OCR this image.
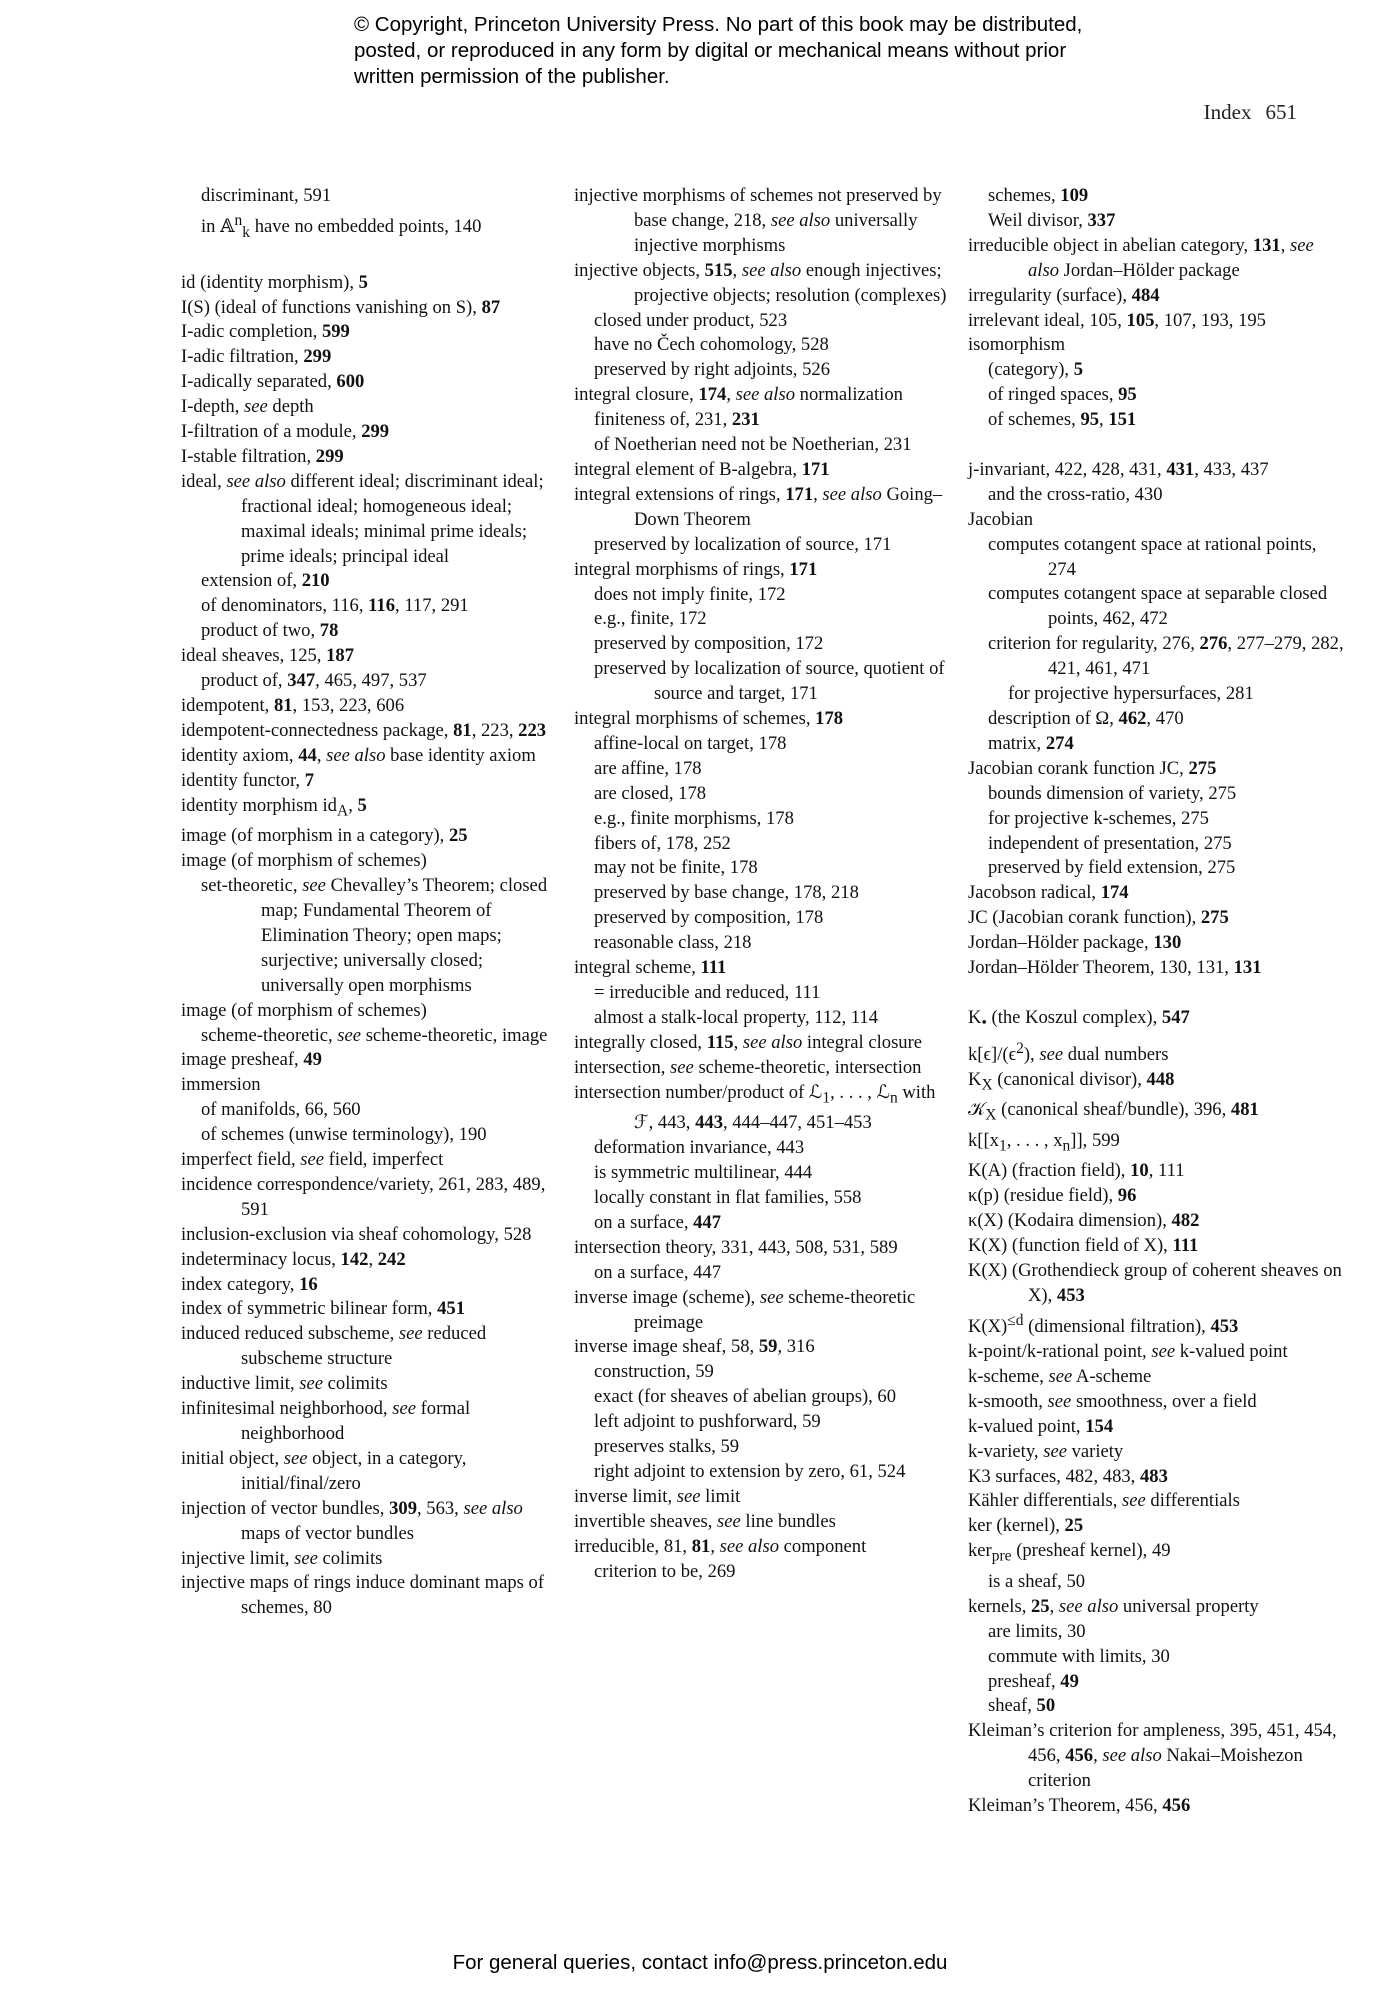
© Copyright, Princeton University Press. No part of this book may be distributed, posted, or reproduced in any form by digital or mechanical means without prior written permission of the publisher.
Index 651
discriminant, 591
in 𝔸$^n_k$ have no embedded points, 140
id (identity morphism), 5
I(S) (ideal of functions vanishing on S), 87
I-adic completion, 599
I-adic filtration, 299
I-adically separated, 600
I-depth, see depth
I-filtration of a module, 299
I-stable filtration, 299
ideal, see also different ideal; discriminant ideal; fractional ideal; homogeneous ideal; maximal ideals; minimal prime ideals; prime ideals; principal ideal
extension of, 210
of denominators, 116, 116, 117, 291
product of two, 78
ideal sheaves, 125, 187
product of, 347, 465, 497, 537
idempotent, 81, 153, 223, 606
idempotent-connectedness package, 81, 223, 223
identity axiom, 44, see also base identity axiom
identity functor, 7
identity morphism $id_A$, 5
image (of morphism in a category), 25
image (of morphism of schemes)
set-theoretic, see Chevalley’s Theorem; closed map; Fundamental Theorem of Elimination Theory; open maps; surjective; universally closed; universally open morphisms
image (of morphism of schemes)
scheme-theoretic, see scheme-theoretic, image
image presheaf, 49
immersion
of manifolds, 66, 560
of schemes (unwise terminology), 190
imperfect field, see field, imperfect
incidence correspondence/variety, 261, 283, 489, 591
inclusion-exclusion via sheaf cohomology, 528
indeterminacy locus, 142, 242
index category, 16
index of symmetric bilinear form, 451
induced reduced subscheme, see reduced subscheme structure
inductive limit, see colimits
infinitesimal neighborhood, see formal neighborhood
initial object, see object, in a category, initial/final/zero
injection of vector bundles, 309, 563, see also maps of vector bundles
injective limit, see colimits
injective maps of rings induce dominant maps of schemes, 80
injective morphisms of schemes not preserved by base change, 218, see also universally injective morphisms
injective objects, 515, see also enough injectives; projective objects; resolution (complexes)
closed under product, 523
have no Čech cohomology, 528
preserved by right adjoints, 526
integral closure, 174, see also normalization
finiteness of, 231, 231
of Noetherian need not be Noetherian, 231
integral element of B-algebra, 171
integral extensions of rings, 171, see also Going–Down Theorem
preserved by localization of source, 171
integral morphisms of rings, 171
does not imply finite, 172
e.g., finite, 172
preserved by composition, 172
preserved by localization of source, quotient of source and target, 171
integral morphisms of schemes, 178
affine-local on target, 178
are affine, 178
are closed, 178
e.g., finite morphisms, 178
fibers of, 178, 252
may not be finite, 178
preserved by base change, 178, 218
preserved by composition, 178
reasonable class, 218
integral scheme, 111
= irreducible and reduced, 111
almost a stalk-local property, 112, 114
integrally closed, 115, see also integral closure
intersection, see scheme-theoretic, intersection
intersection number/product of ℒ$_1$, . . . , ℒ$_n$ with ℱ, 443, 443, 444–447, 451–453
deformation invariance, 443
is symmetric multilinear, 444
locally constant in flat families, 558
on a surface, 447
intersection theory, 331, 443, 508, 531, 589
on a surface, 447
inverse image (scheme), see scheme-theoretic preimage
inverse image sheaf, 58, 59, 316
construction, 59
exact (for sheaves of abelian groups), 60
left adjoint to pushforward, 59
preserves stalks, 59
right adjoint to extension by zero, 61, 524
inverse limit, see limit
invertible sheaves, see line bundles
irreducible, 81, 81, see also component
criterion to be, 269
schemes, 109
Weil divisor, 337
irreducible object in abelian category, 131, see also Jordan–Hölder package
irregularity (surface), 484
irrelevant ideal, 105, 105, 107, 193, 195
isomorphism
(category), 5
of ringed spaces, 95
of schemes, 95, 151
j-invariant, 422, 428, 431, 431, 433, 437
and the cross-ratio, 430
Jacobian
computes cotangent space at rational points, 274
computes cotangent space at separable closed points, 462, 472
criterion for regularity, 276, 276, 277–279, 282, 421, 461, 471
for projective hypersurfaces, 281
description of Ω, 462, 470
matrix, 274
Jacobian corank function JC, 275
bounds dimension of variety, 275
for projective k-schemes, 275
independent of presentation, 275
preserved by field extension, 275
Jacobson radical, 174
JC (Jacobian corank function), 275
Jordan–Hölder package, 130
Jordan–Hölder Theorem, 130, 131, 131
$K_•$ (the Koszul complex), 547
$k[\epsilon]/(\epsilon^2)$, see dual numbers
$K_X$ (canonical divisor), 448
𝒦$_X$ (canonical sheaf/bundle), 396, 481
$k[[x_1$, . . . , $x_n$]], 599
K(A) (fraction field), 10, 111
κ(p) (residue field), 96
κ(X) (Kodaira dimension), 482
K(X) (function field of X), 111
K(X) (Grothendieck group of coherent sheaves on X), 453
$K(X)^{\le d}$ (dimensional filtration), 453
k-point/k-rational point, see k-valued point
k-scheme, see A-scheme
k-smooth, see smoothness, over a field
k-valued point, 154
k-variety, see variety
K3 surfaces, 482, 483, 483
Kähler differentials, see differentials
ker (kernel), 25
ker$_{pre}$ (presheaf kernel), 49
is a sheaf, 50
kernels, 25, see also universal property
are limits, 30
commute with limits, 30
presheaf, 49
sheaf, 50
Kleiman’s criterion for ampleness, 395, 451, 454, 456, 456, see also Nakai–Moishezon criterion
Kleiman’s Theorem, 456, 456
For general queries, contact info@press.princeton.edu
